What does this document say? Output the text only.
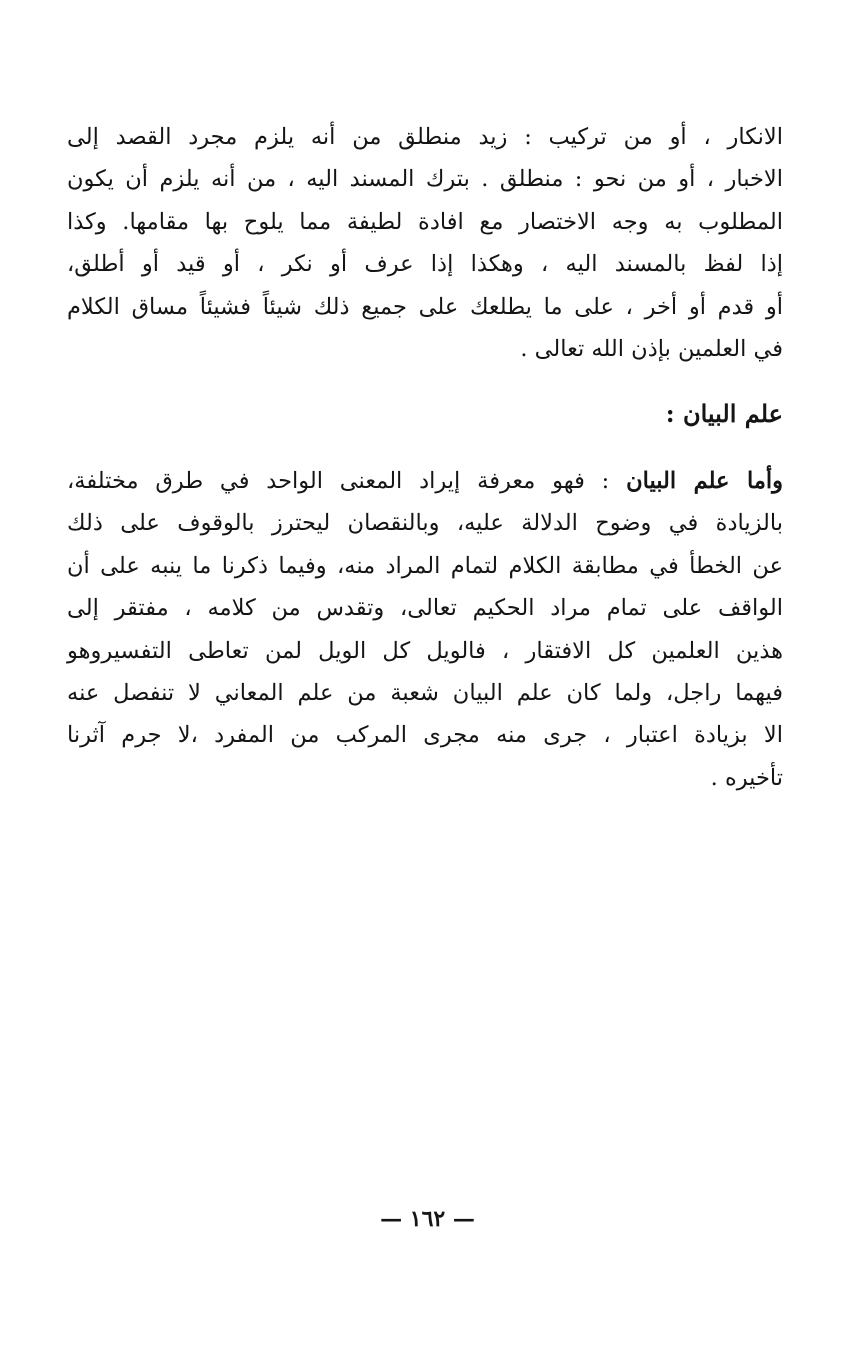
الانكار ، أو من تركيب : زيد منطلق من أنه يلزم مجرد القصد إلى
الاخبار ، أو من نحو : منطلق . بترك المسند اليه ، من أنه يلزم أن يكون
المطلوب به وجه الاختصار مع افادة لطيفة مما يلوح بها مقامها. وكذا
إذا لفظ بالمسند اليه ، وهكذا إذا عرف أو نكر ، أو قيد أو أطلق،
أو قدم أو أخر ، على ما يطلعك على جميع ذلك شيئاً فشيئاً مساق الكلام
في العلمين بإذن الله تعالى .
علم البيان :
وأما علم البيان : فهو معرفة إيراد المعنى الواحد في طرق مختلفة،
بالزيادة في وضوح الدلالة عليه، وبالنقصان ليحترز بالوقوف على ذلك
عن الخطأ في مطابقة الكلام لتمام المراد منه، وفيما ذكرنا ما ينبه على أن
الواقف على تمام مراد الحكيم تعالى، وتقدس من كلامه ، مفتقر إلى
هذين العلمين كل الافتقار ، فالويل كل الويل لمن تعاطى التفسيروهو
فيهما راجل، ولما كان علم البيان شعبة من علم المعاني لا تنفصل عنه
الا بزيادة اعتبار ، جرى منه مجرى المركب من المفرد ،لا جرم آثرنا
تأخيره .
— ١٦٢ —
